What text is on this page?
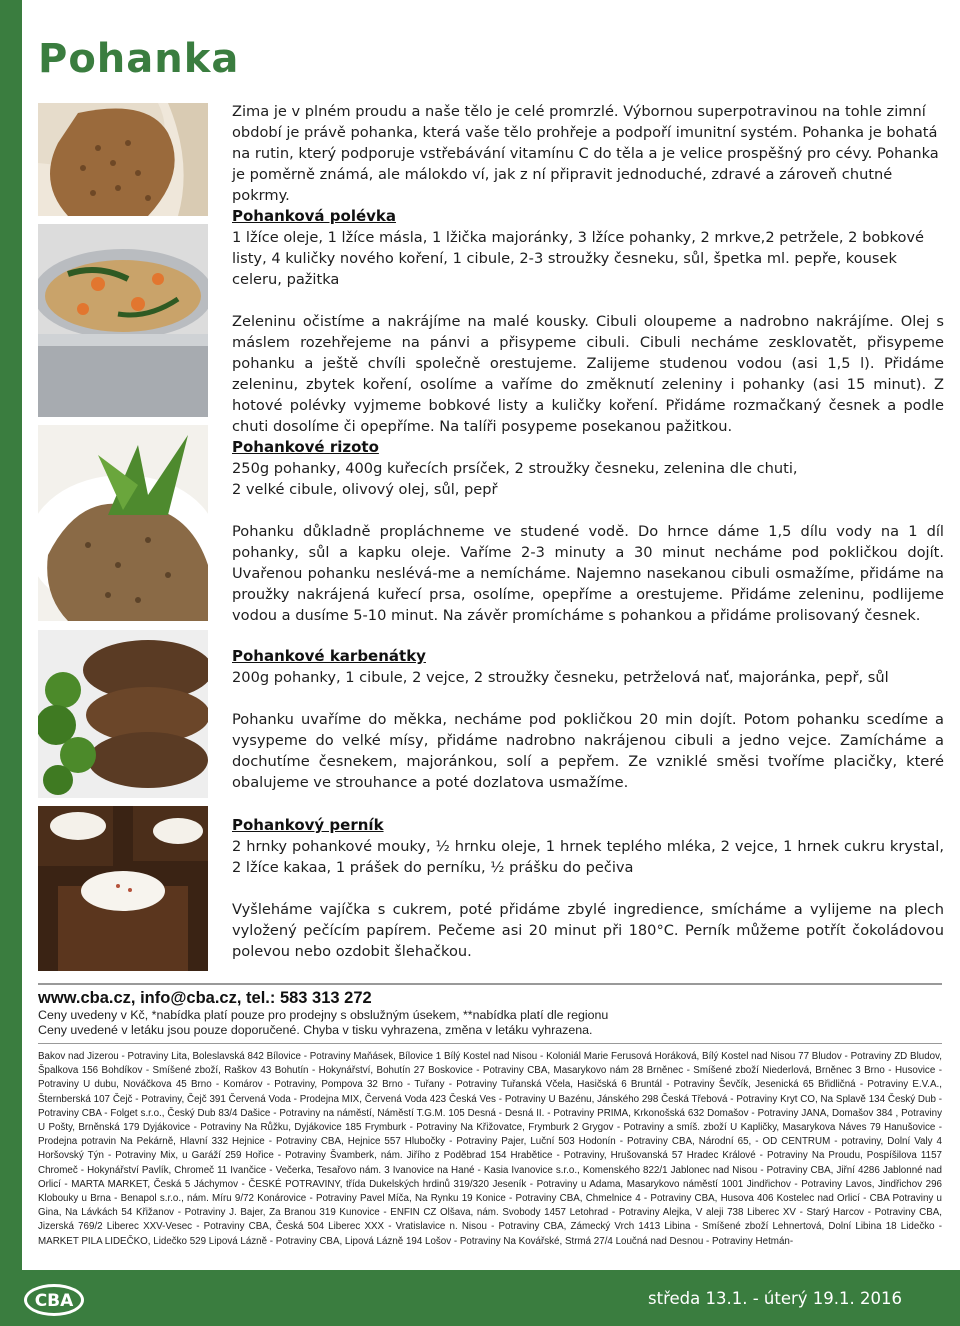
Pohanka

Zima je v plném proudu a naše tělo je celé promrzlé. Výbornou superpotravinou na tohle zimní období je právě pohanka, která vaše tělo prohřeje a podpoří imunitní systém. Pohanka je bohatá na rutin, který podporuje vstřebávání vitamínu C do těla a je velice prospěšný pro cévy. Pohanka je poměrně známá, ale málokdo ví, jak z ní připravit jednoduché, zdravé a zároveň chutné pokrmy.

Pohanková polévka

1 lžíce oleje, 1 lžíce másla, 1 lžička majoránky, 3 lžíce pohanky, 2 mrkve,2 petržele, 2 bobkové listy, 4 kuličky nového koření, 1 cibule, 2-3 stroužky česneku, sůl, špetka ml. pepře, kousek celeru, pažitka

Zeleninu očistíme a nakrájíme na malé kousky. Cibuli oloupeme a nadrobno nakrájíme. Olej s máslem rozehřejeme na pánvi a přisypeme cibuli. Cibuli necháme zesklovatět, přisypeme pohanku a ještě chvíli společně orestujeme. Zalijeme studenou vodou (asi 1,5 l). Přidáme zeleninu, zbytek koření, osolíme a vaříme do změknutí zeleniny i pohanky (asi 15 minut). Z hotové polévky vyjmeme bobkové listy a kuličky koření. Přidáme rozmačkaný česnek a podle chuti dosolíme či opepříme. Na talíři posypeme posekanou pažitkou.

Pohankové rizoto

250g pohanky, 400g kuřecích prsíček, 2 stroužky česneku, zelenina dle chuti,

2 velké cibule, olivový olej, sůl, pepř

Pohanku důkladně propláchneme ve studené vodě. Do hrnce dáme 1,5 dílu vody na 1 díl pohanky, sůl a kapku oleje. Vaříme 2-3 minuty a 30 minut necháme pod pokličkou dojít. Uvařenou pohanku neslévá-me a nemícháme. Najemno nasekanou cibuli osmažíme, přidáme na proužky nakrájená kuřecí prsa, osolíme, opepříme a orestujeme. Přidáme zeleninu, podlijeme vodou a dusíme 5-10 minut. Na závěr promícháme s pohankou a přidáme prolisovaný česnek.

Pohankové karbenátky

200g pohanky, 1 cibule, 2 vejce, 2 stroužky česneku, petrželová nať, majoránka, pepř, sůl

Pohanku uvaříme do měkka, necháme pod pokličkou 20 min dojít. Potom pohanku scedíme a vysypeme do velké mísy, přidáme nadrobno nakrájenou cibuli a jedno vejce. Zamícháme a dochutíme česnekem, majoránkou, solí a pepřem. Ze vzniklé směsi tvoříme placičky, které obalujeme ve strouhance a poté dozlatova usmažíme.

Pohankový perník

2 hrnky pohankové mouky, ½ hrnku oleje, 1 hrnek teplého mléka, 2 vejce, 1 hrnek cukru krystal, 2 lžíce kakaa, 1 prášek do perníku, ½ prášku do pečiva

Vyšleháme vajíčka s cukrem, poté přidáme zbylé ingredience, smícháme a vylijeme na plech vyložený pečícím papírem. Pečeme asi 20 minut při 180°C. Perník můžeme potřít čokoládovou polevou nebo ozdobit šlehačkou.

www.cba.cz, info@cba.cz, tel.: 583 313 272
Ceny uvedeny v Kč, *nabídka platí pouze pro prodejny s obslužným úsekem, **nabídka platí dle regionu
Ceny uvedené v letáku jsou pouze doporučené. Chyba v tisku vyhrazena, změna v letáku vyhrazena.
Bakov nad Jizerou - Potraviny Lita, Boleslavská 842 Bílovice - Potraviny Maňásek, Bílovice 1 Bílý Kostel nad Nisou - Koloniál Marie Ferusová Horáková, Bílý Kostel nad Nisou 77 Bludov - Potraviny ZD Bludov, Špalkova 156 Bohdíkov - Smíšené zboží, Raškov 43 Bohutín - Hokynářství, Bohutín 27 Boskovice - Potraviny CBA, Masarykovo nám 28 Brněnec - Smíšené zboží Niederlová, Brněnec 3 Brno - Husovice - Potraviny U dubu, Nováčkova 45 Brno - Komárov - Potraviny, Pompova 32 Brno - Tuřany - Potraviny Tuřanská Včela, Hasičská 6 Bruntál - Potraviny Ševčík, Jesenická 65 Břidličná - Potraviny E.V.A., Šternberská 107 Čejč - Potraviny, Čejč 391 Červená Voda - Prodejna MIX, Červená Voda 423 Česká Ves - Potraviny U Bazénu, Jánského 298 Česká Třebová - Potraviny Kryt CO, Na Splavě 134 Český Dub - Potraviny CBA - Folget s.r.o., Český Dub 83/4 Dašice - Potraviny na náměstí, Náměstí T.G.M. 105 Desná - Desná II. - Potraviny PRIMA, Krkonošská 632 Domašov - Potraviny JANA, Domašov 384 , Potraviny U Pošty, Brněnská 179 Dyjákovice - Potraviny Na Růžku, Dyjákovice 185 Frymburk - Potraviny Na Křižovatce, Frymburk 2 Grygov - Potraviny a smíš. zboží U Kapličky, Masarykova Náves 79 Hanušovice - Prodejna potravin Na Pekárně, Hlavní 332 Hejnice - Potraviny CBA, Hejnice 557 Hlubočky - Potraviny Pajer, Luční 503 Hodonín - Potraviny CBA, Národní 65, - OD CENTRUM - potraviny, Dolní Valy 4 Horšovský Týn - Potraviny Mix, u Garáží 259 Hořice - Potraviny Švamberk, nám. Jiřího z Poděbrad 154 Hrabětice - Potraviny, Hrušovanská 57 Hradec Králové - Potraviny Na Proudu, Pospíšilova 1157 Chromeč - Hokynářství Pavlík, Chromeč 11 Ivančice - Večerka, Tesařovo nám. 3 Ivanovice na Hané - Kasia Ivanovice s.r.o., Komenského 822/1 Jablonec nad Nisou - Potraviny CBA, Jiřní 4286 Jablonné nad Orlicí - MARTA MARKET, Česká 5 Jáchymov - ČESKÉ POTRAVINY, třída Dukelských hrdinů 319/320 Jeseník - Potraviny u Adama, Masarykovo náměstí 1001 Jindřichov - Potraviny Lavos, Jindřichov 296 Klobouky u Brna - Benapol s.r.o., nám. Míru 9/72 Konárovice - Potraviny Pavel Míča, Na Rynku 19 Konice - Potraviny CBA, Chmelnice 4 - Potraviny CBA, Husova 406 Kostelec nad Orlicí - CBA Potraviny u Gina, Na Lávkách 54 Křižanov - Potraviny J. Bajer, Za Branou 319 Kunovice - ENFIN CZ Olšava, nám. Svobody 1457 Letohrad - Potraviny Alejka, V aleji 738 Liberec XV - Starý Harcov - Potraviny CBA, Jizerská 769/2 Liberec XXV-Vesec - Potraviny CBA, Česká 504 Liberec XXX - Vratislavice n. Nisou - Potraviny CBA, Zámecký Vrch 1413 Libina - Smíšené zboží Lehnertová, Dolní Libina 18 Lidečko - MARKET PILA LIDEČKO, Lidečko 529 Lipová Lázně - Potraviny CBA, Lipová Lázně 194 Lošov - Potraviny Na Kovářské, Strmá 27/4 Loučná nad Desnou - Potraviny Hetmán-
CBA	středa 13.1. - úterý 19.1. 2016
